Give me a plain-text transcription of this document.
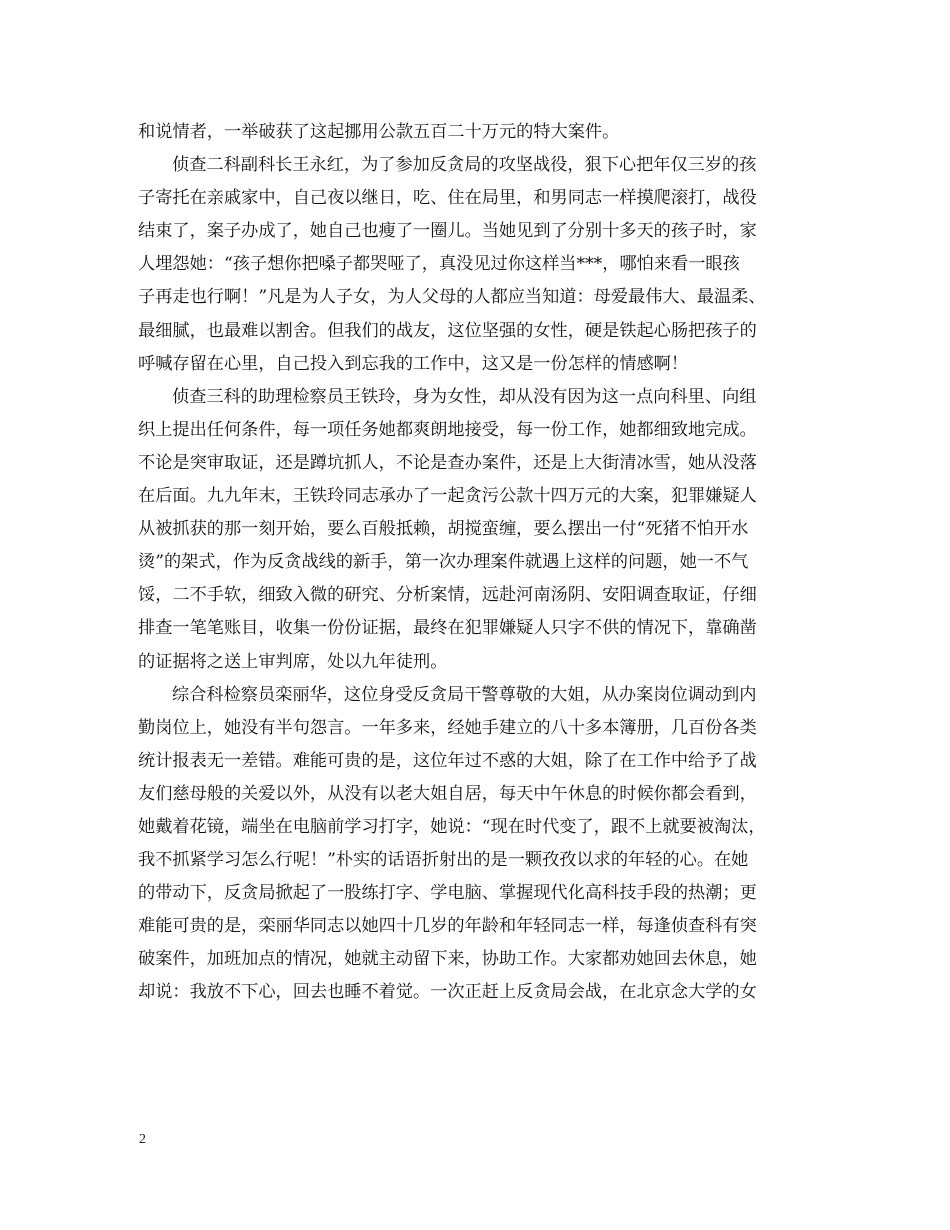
和说情者，一举破获了这起挪用公款五百二十万元的特大案件。
侦查二科副科长王永红，为了参加反贪局的攻坚战役，狠下心把年仅三岁的孩
子寄托在亲戚家中，自己夜以继日，吃、住在局里，和男同志一样摸爬滚打，战役
结束了，案子办成了，她自己也瘦了一圈儿。当她见到了分别十多天的孩子时，家
人埋怨她：“孩子想你把嗓子都哭哑了，真没见过你这样当***，哪怕来看一眼孩
子再走也行啊！”凡是为人子女，为人父母的人都应当知道：母爱最伟大、最温柔、
最细腻，也最难以割舍。但我们的战友，这位坚强的女性，硬是铁起心肠把孩子的
呼喊存留在心里，自己投入到忘我的工作中，这又是一份怎样的情感啊！
侦查三科的助理检察员王铁玲，身为女性，却从没有因为这一点向科里、向组
织上提出任何条件，每一项任务她都爽朗地接受，每一份工作，她都细致地完成。
不论是突审取证，还是蹲坑抓人，不论是查办案件，还是上大街清冰雪，她从没落
在后面。九九年末，王铁玲同志承办了一起贪污公款十四万元的大案，犯罪嫌疑人
从被抓获的那一刻开始，要么百般抵赖，胡搅蛮缠，要么摆出一付“死猪不怕开水
烫”的架式，作为反贪战线的新手，第一次办理案件就遇上这样的问题，她一不气
馁，二不手软，细致入微的研究、分析案情，远赴河南汤阴、安阳调查取证，仔细
排查一笔笔账目，收集一份份证据，最终在犯罪嫌疑人只字不供的情况下，靠确凿
的证据将之送上审判席，处以九年徒刑。
综合科检察员栾丽华，这位身受反贪局干警尊敬的大姐，从办案岗位调动到内
勤岗位上，她没有半句怨言。一年多来，经她手建立的八十多本簿册，几百份各类
统计报表无一差错。难能可贵的是，这位年过不惑的大姐，除了在工作中给予了战
友们慈母般的关爱以外，从没有以老大姐自居，每天中午休息的时候你都会看到，
她戴着花镜，端坐在电脑前学习打字，她说：“现在时代变了，跟不上就要被淘汰，
我不抓紧学习怎么行呢！”朴实的话语折射出的是一颗孜孜以求的年轻的心。在她
的带动下，反贪局掀起了一股练打字、学电脑、掌握现代化高科技手段的热潮；更
难能可贵的是，栾丽华同志以她四十几岁的年龄和年轻同志一样，每逢侦查科有突
破案件，加班加点的情况，她就主动留下来，协助工作。大家都劝她回去休息，她
却说：我放不下心，回去也睡不着觉。一次正赶上反贪局会战，在北京念大学的女
2
